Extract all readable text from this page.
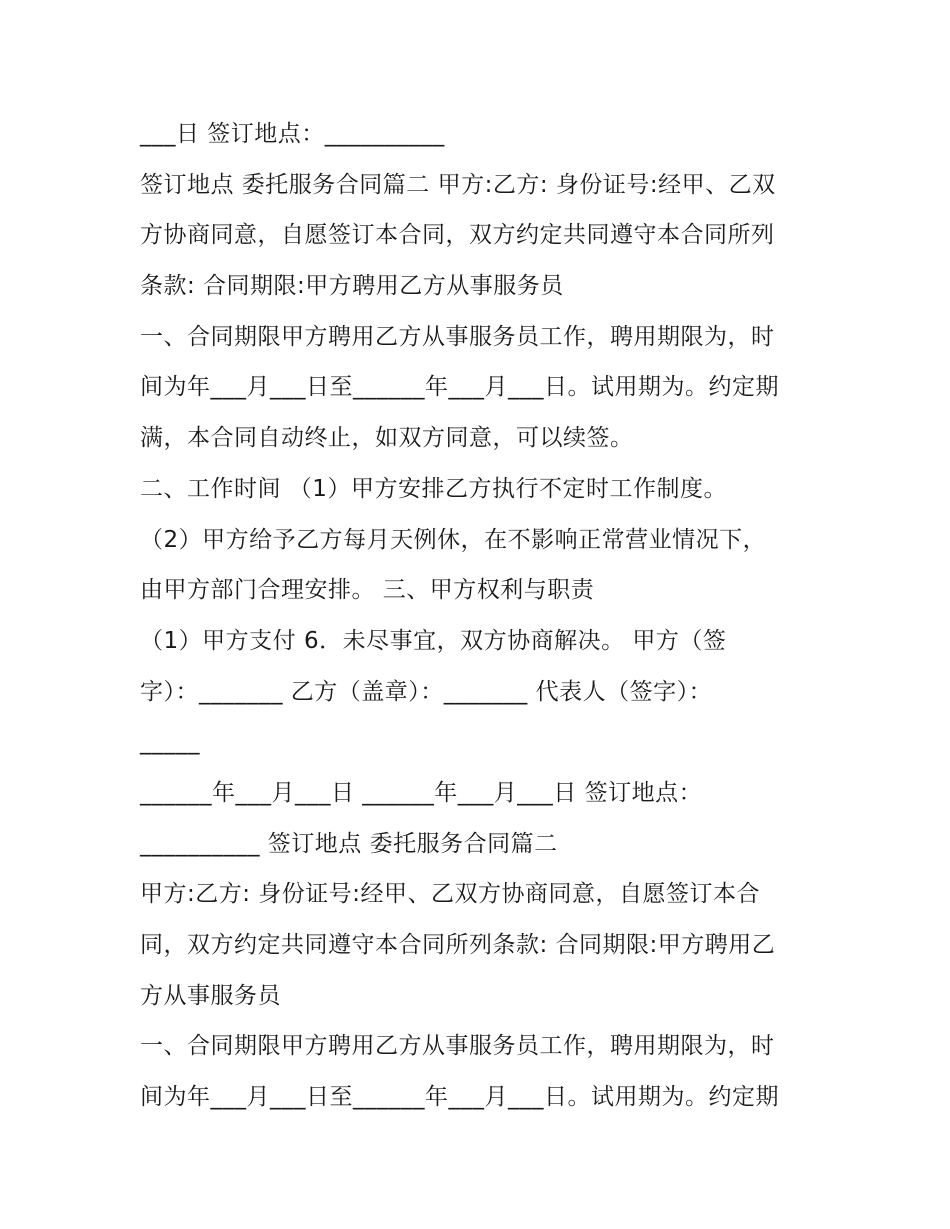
___日 签订地点：__________
签订地点 委托服务合同篇二 甲方:乙方: 身份证号:经甲、乙双
方协商同意，自愿签订本合同，双方约定共同遵守本合同所列
条款: 合同期限:甲方聘用乙方从事服务员
一、合同期限甲方聘用乙方从事服务员工作，聘用期限为，时
间为年___月___日至______年___月___日。试用期为。约定期
满，本合同自动终止，如双方同意，可以续签。
二、工作时间 （1）甲方安排乙方执行不定时工作制度。
（2）甲方给予乙方每月天例休，在不影响正常营业情况下，
由甲方部门合理安排。 三、甲方权利与职责
（1）甲方支付 6．未尽事宜，双方协商解决。 甲方（签
字）：_______ 乙方（盖章）：_______ 代表人（签字）：
_____
______年___月___日 ______年___月___日 签订地点：
__________ 签订地点 委托服务合同篇二
甲方:乙方: 身份证号:经甲、乙双方协商同意，自愿签订本合
同，双方约定共同遵守本合同所列条款: 合同期限:甲方聘用乙
方从事服务员
一、合同期限甲方聘用乙方从事服务员工作，聘用期限为，时
间为年___月___日至______年___月___日。试用期为。约定期
